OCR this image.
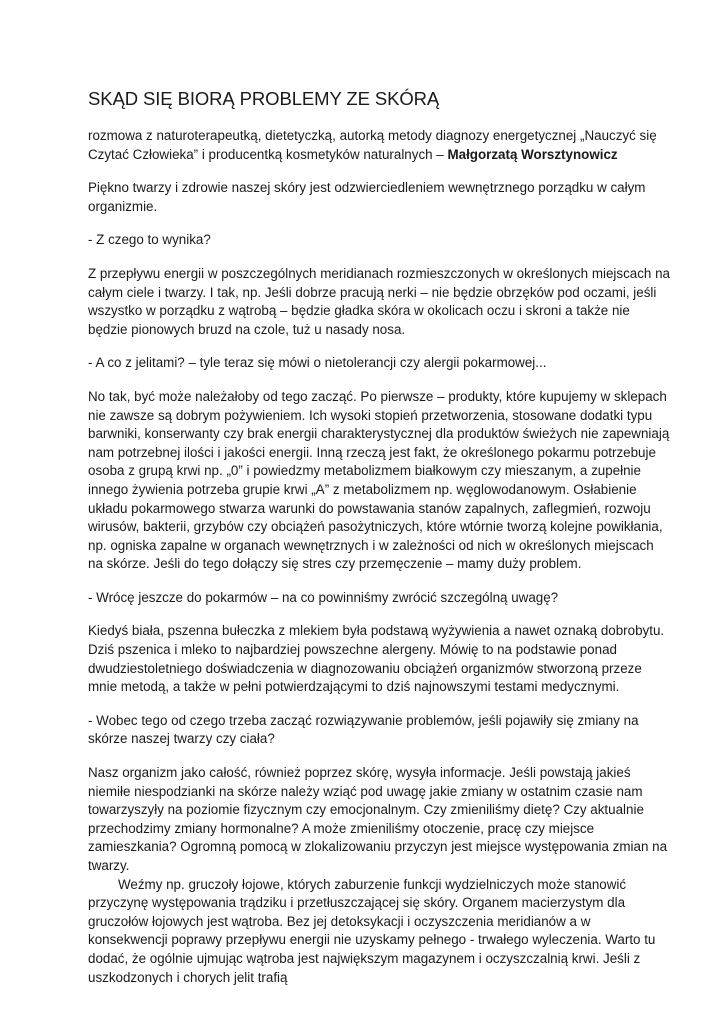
SKĄD SIĘ BIORĄ PROBLEMY ZE SKÓRĄ

rozmowa z naturoterapeutką, dietetyczką, autorką metody diagnozy energetycznej „Nauczyć się Czytać Człowieka” i producentką kosmetyków naturalnych – Małgorzatą Worsztynowicz

Piękno twarzy i zdrowie naszej skóry jest odzwierciedleniem wewnętrznego porządku w całym organizmie.

- Z czego to wynika?

Z przepływu energii w poszczególnych meridianach rozmieszczonych w określonych miejscach na całym ciele i twarzy. I tak, np. Jeśli dobrze pracują nerki – nie będzie obrzęków pod oczami, jeśli wszystko w porządku z wątrobą – będzie gładka skóra w okolicach oczu i skroni a także nie będzie pionowych bruzd na czole, tuż u nasady nosa.

- A co z jelitami? – tyle teraz się mówi o nietolerancji czy alergii pokarmowej...

No tak, być może należałoby od tego zacząć. Po pierwsze – produkty, które kupujemy w sklepach nie zawsze są dobrym pożywieniem. Ich wysoki stopień przetworzenia, stosowane dodatki typu barwniki, konserwanty czy brak energii charakterystycznej dla produktów świeżych nie zapewniają nam potrzebnej ilości i jakości energii. Inną rzeczą jest fakt, że określonego pokarmu potrzebuje osoba z grupą krwi np. „0” i powiedzmy metabolizmem białkowym czy mieszanym, a zupełnie innego żywienia potrzeba grupie krwi „A” z metabolizmem np. węglowodanowym. Osłabienie układu pokarmowego stwarza warunki do powstawania stanów zapalnych, zaflegmień, rozwoju wirusów, bakterii, grzybów czy obciążeń pasożytniczych, które wtórnie tworzą kolejne powikłania, np. ogniska zapalne w organach wewnętrznych i w zależności od nich w określonych miejscach na skórze. Jeśli do tego dołączy się stres czy przemęczenie – mamy duży problem.

- Wrócę jeszcze do pokarmów – na co powinniśmy zwrócić szczególną uwagę?

Kiedyś biała, pszenna bułeczka z mlekiem była podstawą wyżywienia a nawet oznaką dobrobytu. Dziś pszenica i mleko to najbardziej powszechne alergeny. Mówię to na podstawie ponad dwudziestoletniego doświadczenia w diagnozowaniu obciążeń organizmów stworzoną przeze mnie metodą, a także w pełni potwierdzającymi to dziś najnowszymi testami medycznymi.

- Wobec tego od czego trzeba zacząć rozwiązywanie problemów, jeśli pojawiły się zmiany na skórze naszej twarzy czy ciała?

Nasz organizm jako całość, również poprzez skórę, wysyła informacje. Jeśli powstają jakieś niemiłe niespodzianki na skórze należy wziąć pod uwagę jakie zmiany w ostatnim czasie nam towarzyszyły na poziomie fizycznym czy emocjonalnym. Czy zmieniliśmy dietę? Czy aktualnie przechodzimy zmiany hormonalne? A może zmieniliśmy otoczenie, pracę czy miejsce zamieszkania? Ogromną pomocą w zlokalizowaniu przyczyn jest miejsce występowania zmian na twarzy.

Weźmy np. gruczoły łojowe, których zaburzenie funkcji wydzielniczych może stanowić przyczynę występowania trądziku i przetłuszczającej się skóry. Organem macierzystym dla gruczołów łojowych jest wątroba. Bez jej detoksykacji i oczyszczenia meridianów a w konsekwencji poprawy przepływu energii nie uzyskamy pełnego - trwałego wyleczenia. Warto tu dodać, że ogólnie ujmując wątroba jest największym magazynem i oczyszczalnią krwi. Jeśli z uszkodzonych i chorych jelit trafią
